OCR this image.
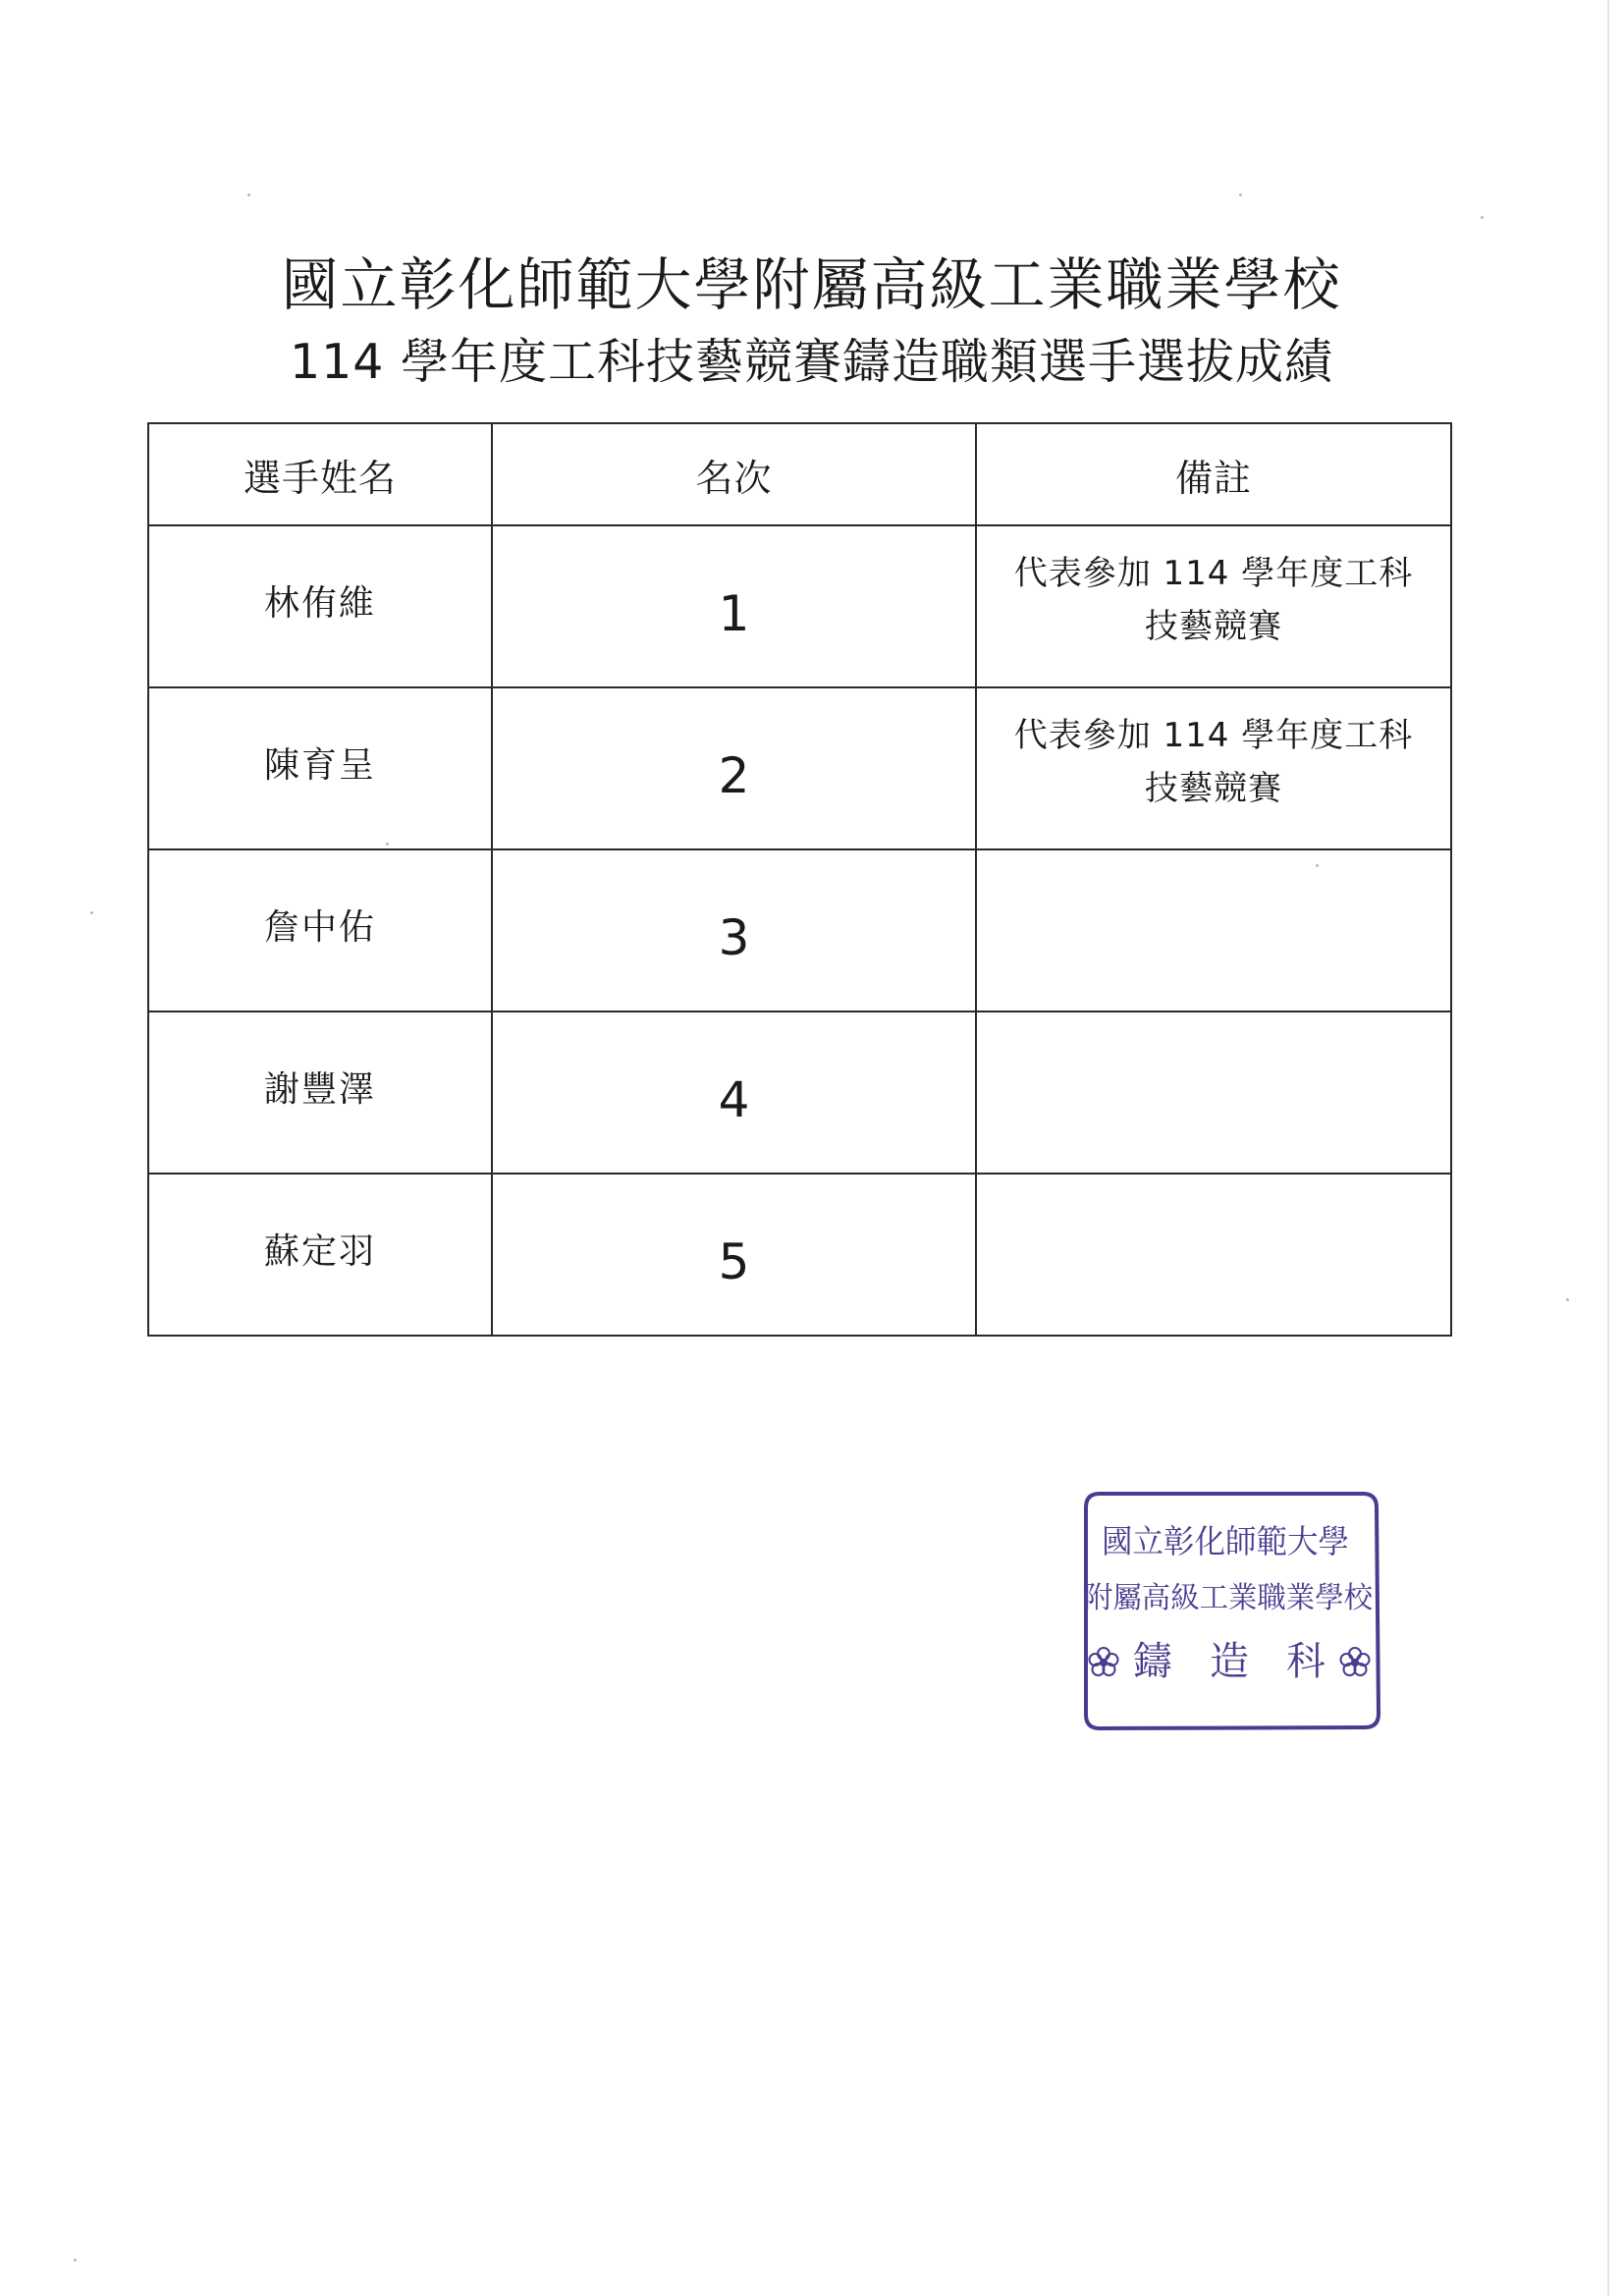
國立彰化師範大學附屬高級工業職業學校
114 學年度工科技藝競賽鑄造職類選手選拔成績
選手姓名	名次	備註

林侑維	1	代表參加 114 學年度工科
技藝競賽

陳育呈	2	代表參加 114 學年度工科
技藝競賽

詹中佑	3	

謝豐澤	4	

蘇定羽	5	

國立彰化師範大學
附屬高級工業職業學校
鑄 造 科
